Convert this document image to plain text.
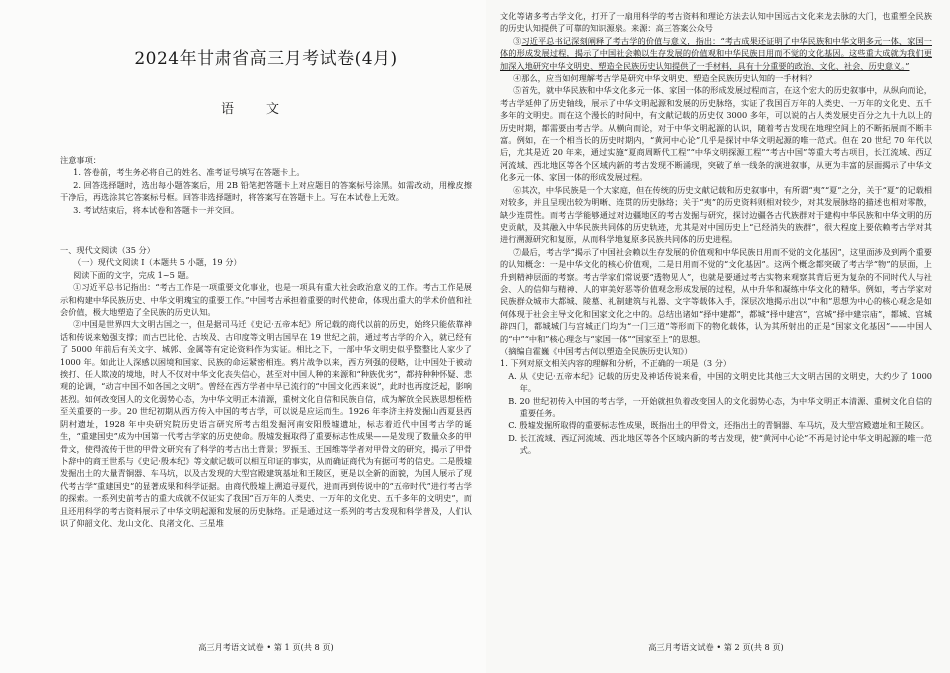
2024年甘肃省高三月考试卷(4月)
语文

注意事项：

1. 答卷前，考生务必将自己的姓名、准考证号填写在答题卡上。

2. 回答选择题时，选出每小题答案后，用 2B 铅笔把答题卡上对应题目的答案标号涂黑。如需改动，用橡皮擦干净后，再选涂其它答案标号框。回答非选择题时，将答案写在答题卡上。写在本试卷上无效。

3. 考试结束后，将本试卷和答题卡一并交回。

一、现代文阅读（35 分）

（一）现代文阅读 I（本题共 5 小题，19 分）

阅读下面的文字，完成 1~5 题。

①习近平总书记指出：“考古工作是一项重要文化事业，也是一项具有重大社会政治意义的工作。考古工作是展示和构建中华民族历史、中华文明瑰宝的重要工作。”中国考古承担着重要的时代使命，体现出重大的学术价值和社会价值，极大地塑造了全民族的历史认知。

②中国是世界四大文明古国之一，但是据司马迁《史记·五帝本纪》所记载的商代以前的历史，始终只能依靠神话和传说来勉强支撑；而古巴比伦、古埃及、古印度等文明古国早在 19 世纪之前，通过考古学的介入，就已经有了 5000 年前后有关文字、城郭、金属等有定论资料作为实证。相比之下，一部中华文明史似乎整整比人家少了 1000 年。如此让人深感以困境和国家、民族的命运紧密相连。鸦片战争以来，西方列强的侵略，让中国处于被动挨打、任人欺凌的境地，时人不仅对中华文化丧失信心，甚至对中国人种的来源和“种族优劣”，都持种种怀疑、悲观的论调，“动言中国不如各国之文明”。曾经在西方学者中早已流行的“中国文化西来说”，此时也再度泛起，影响甚烈。如何改变国人的文化弱势心态，为中华文明正本清源，重树文化自信和民族自信，成为解放全民族思想桎梏至关重要的一步。20 世纪初期从西方传入中国的考古学，可以说是应运而生。1926 年李济主持发掘山西夏县西阴村遗址，1928 年中央研究院历史语言研究所考古组发掘河南安阳殷墟遗址，标志着近代中国考古学的诞生，“重建国史”成为中国第一代考古学家的历史使命。殷墟发掘取得了重要标志性成果——是发现了数量众多的甲骨文，使得流传于世的甲骨文研究有了科学的考古出土背景；罗振玉、王国维等学者对甲骨文的研究，揭示了甲骨卜辞中的商王世系与《史记·殷本纪》等文献记载可以相互印证的事实，从而确证商代为有据可考的信史。二是殷墟发掘出土的大量青铜器、车马坑，以及古发现的大型宫殿建筑基址和王陵区，更是以全新的面貌，为国人展示了现代考古学“重建国史”的显著成果和科学证据。由商代殷墟上溯追寻夏代，进而再到传说中的“五帝时代”进行考古学的探索。一系列史前考古的重大成就不仅证实了我国“百万年的人类史、一万年的文化史、五千多年的文明史”，而且还用科学的考古资料展示了中华文明起源和发展的历史脉络。正是通过这一系列的考古发现和科学普及，人们认识了仰韶文化、龙山文化、良渚文化、三星堆

高三月考语文试卷 • 第 1 页(共 8 页)

文化等诸多考古学文化，打开了一扇用科学的考古资料和理论方法去认知中国远古文化来龙去脉的大门，也重塑全民族的历史认知提供了可靠的知识源泉。来源：高三答案公众号

③习近平总书记深刻阐释了考古学的价值与意义，指出：“考古成果还证明了中华民族和中华文明多元一体、家国一体的形成发展过程，揭示了中国社会赖以生存发展的价值观和中华民族日用而不觉的文化基因。这些重大成就为我们更加深入地研究中华文明史、塑造全民族历史认知提供了一手材料，具有十分重要的政治、文化、社会、历史意义。”

④那么，应当如何理解考古学是研究中华文明史、塑造全民族历史认知的一手材料？

⑤首先，就中华民族和中华文化多元一体、家国一体的形成发展过程而言，在这个宏大的历史叙事中，从纵向而论，考古学延伸了历史轴线，展示了中华文明起源和发展的历史脉络，实证了我国百万年的人类史、一万年的文化史、五千多年的文明史。而在这个漫长的时间中，有文献记载的历史仅 3000 多年，可以说的占人类发展史百分之九十九以上的历史时期，都需要由考古学。从横向而论，对于中华文明起源的认识，随着考古发现在地理空间上的不断拓展而不断丰富。例如，在一个相当长的历史时期内，“黄河中心论”几乎是探讨中华文明起源的唯一范式。但在 20 世纪 70 年代以后，尤其是近 20 年来，通过实施“夏商周断代工程”“中华文明探源工程”“考古中国”等重大考古项目，长江流域、西辽河流域、西北地区等各个区域内新的考古发现不断涌现，突破了单一线条的演进叙事，从更为丰富的层面揭示了中华文化多元一体、家国一体的形成发展过程。

⑥其次，中华民族是一个大家庭，但在传统的历史文献记载和历史叙事中，有所谓“夷”“夏”之分，关于“夏”的记载相对较多，并且呈现出较为明晰、连贯的历史脉络；关于“夷”的历史资料则相对较少，对其发展脉络的描述也相对零散，缺少连贯性。而考古学能够通过对边疆地区的考古发掘与研究，探讨边疆各古代族群对于建构中华民族和中华文明的历史贡献，及其融入中华民族共同体的历史轨迹，尤其是对中国历史上“已经消失的族群”，很大程度上要依赖考古学对其进行溯源研究和复原，从而科学地复原多民族共同体的历史进程。

⑦最后，考古学“揭示了中国社会赖以生存发展的价值观和中华民族日用而不觉的文化基因”，这里面涉及到两个重要的认知概念：一是中华文化的核心价值观，二是日用而不觉的“文化基因”。这两个概念都突破了考古学“物”的层面，上升到精神层面的考察。考古学家们常说要“透物见人”，也就是要通过考古实物来观察其背后更为复杂的不同时代人与社会、人的信仰与精神、人的审美好恶等价值观念形成发展的过程，从中升华和凝练中华文化的精华。例如，考古学家对民族群众城市大都城、陵墓、礼制建筑与礼器、文字等载体入手，深层次地揭示出以“中和”思想为中心的核心观念是如何体现于社会主导文化和国家文化之中的。总结出诸如“择中建都”，都城“择中建宫”，宫城“择中建宗庙”，都城、宫城辟四门，都城城门与宫城正门均为“一门三道”等形而下的物化载体，认为其所射出的正是“国家文化基因”——中国人的“中”“中和”核心理念与“家国一体”“国家至上”的思想。

（摘编自霍巍《中国考古何以塑造全民族历史认知》）

1. 下列对原文相关内容的理解和分析，不正确的一项是（3 分）

A. 从《史记·五帝本纪》记载的历史及神话传说来看，中国的文明史比其他三大文明古国的文明史，大约少了 1000 年。

B. 20 世纪初传入中国的考古学，一开始就担负着改变国人的文化弱势心态，为中华文明正本清源、重树文化自信的重要任务。

C. 殷墟发掘所取得的重要标志性成果，既指出土的甲骨文，还指出土的青铜器、车马坑，及大型宫殿遗址和王陵区。

D. 长江流域、西辽河流域、西北地区等各个区域内新的考古发现，使“黄河中心论”不再是讨论中华文明起源的唯一范式。

高三月考语文试卷 • 第 2 页(共 8 页)
